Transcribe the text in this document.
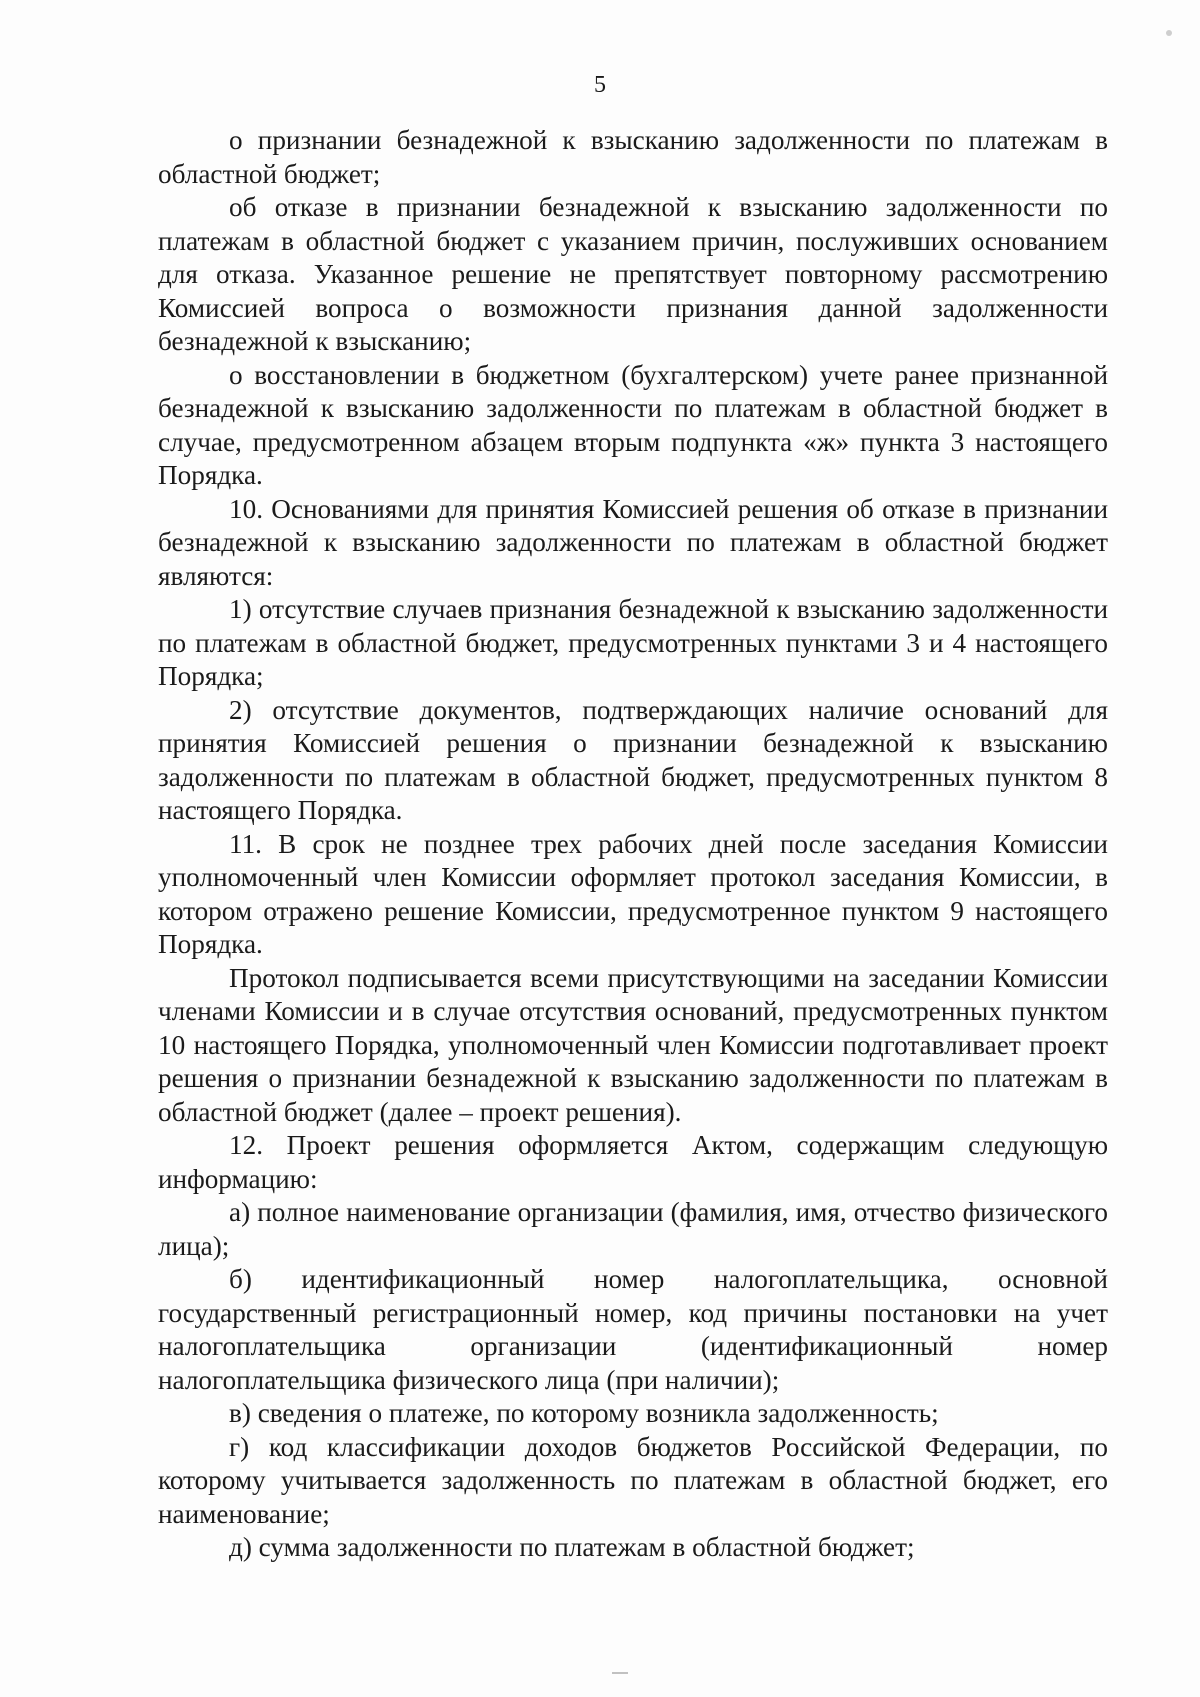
5

о признании безнадежной к взысканию задолженности по платежам в областной бюджет;

об отказе в признании безнадежной к взысканию задолженности по платежам в областной бюджет с указанием причин, послуживших основанием для отказа. Указанное решение не препятствует повторному рассмотрению Комиссией вопроса о возможности признания данной задолженности безнадежной к взысканию;

о восстановлении в бюджетном (бухгалтерском) учете ранее признанной безнадежной к взысканию задолженности по платежам в областной бюджет в случае, предусмотренном абзацем вторым подпункта «ж» пункта 3 настоящего Порядка.

10. Основаниями для принятия Комиссией решения об отказе в признании безнадежной к взысканию задолженности по платежам в областной бюджет являются:

1) отсутствие случаев признания безнадежной к взысканию задолженности по платежам в областной бюджет, предусмотренных пунктами 3 и 4 настоящего Порядка;

2) отсутствие документов, подтверждающих наличие оснований для принятия Комиссией решения о признании безнадежной к взысканию задолженности по платежам в областной бюджет, предусмотренных пунктом 8 настоящего Порядка.

11. В срок не позднее трех рабочих дней после заседания Комиссии уполномоченный член Комиссии оформляет протокол заседания Комиссии, в котором отражено решение Комиссии, предусмотренное пунктом 9 настоящего Порядка.

Протокол подписывается всеми присутствующими на заседании Комиссии членами Комиссии и в случае отсутствия оснований, предусмотренных пунктом 10 настоящего Порядка, уполномоченный член Комиссии подготавливает проект решения о признании безнадежной к взысканию задолженности по платежам в областной бюджет (далее – проект решения).

12. Проект решения оформляется Актом, содержащим следующую информацию:

а) полное наименование организации (фамилия, имя, отчество физического лица);

б) идентификационный номер налогоплательщика, основной государственный регистрационный номер, код причины постановки на учет налогоплательщика организации (идентификационный номер налогоплательщика физического лица (при наличии);

в) сведения о платеже, по которому возникла задолженность;

г) код классификации доходов бюджетов Российской Федерации, по которому учитывается задолженность по платежам в областной бюджет, его наименование;

д) сумма задолженности по платежам в областной бюджет;
